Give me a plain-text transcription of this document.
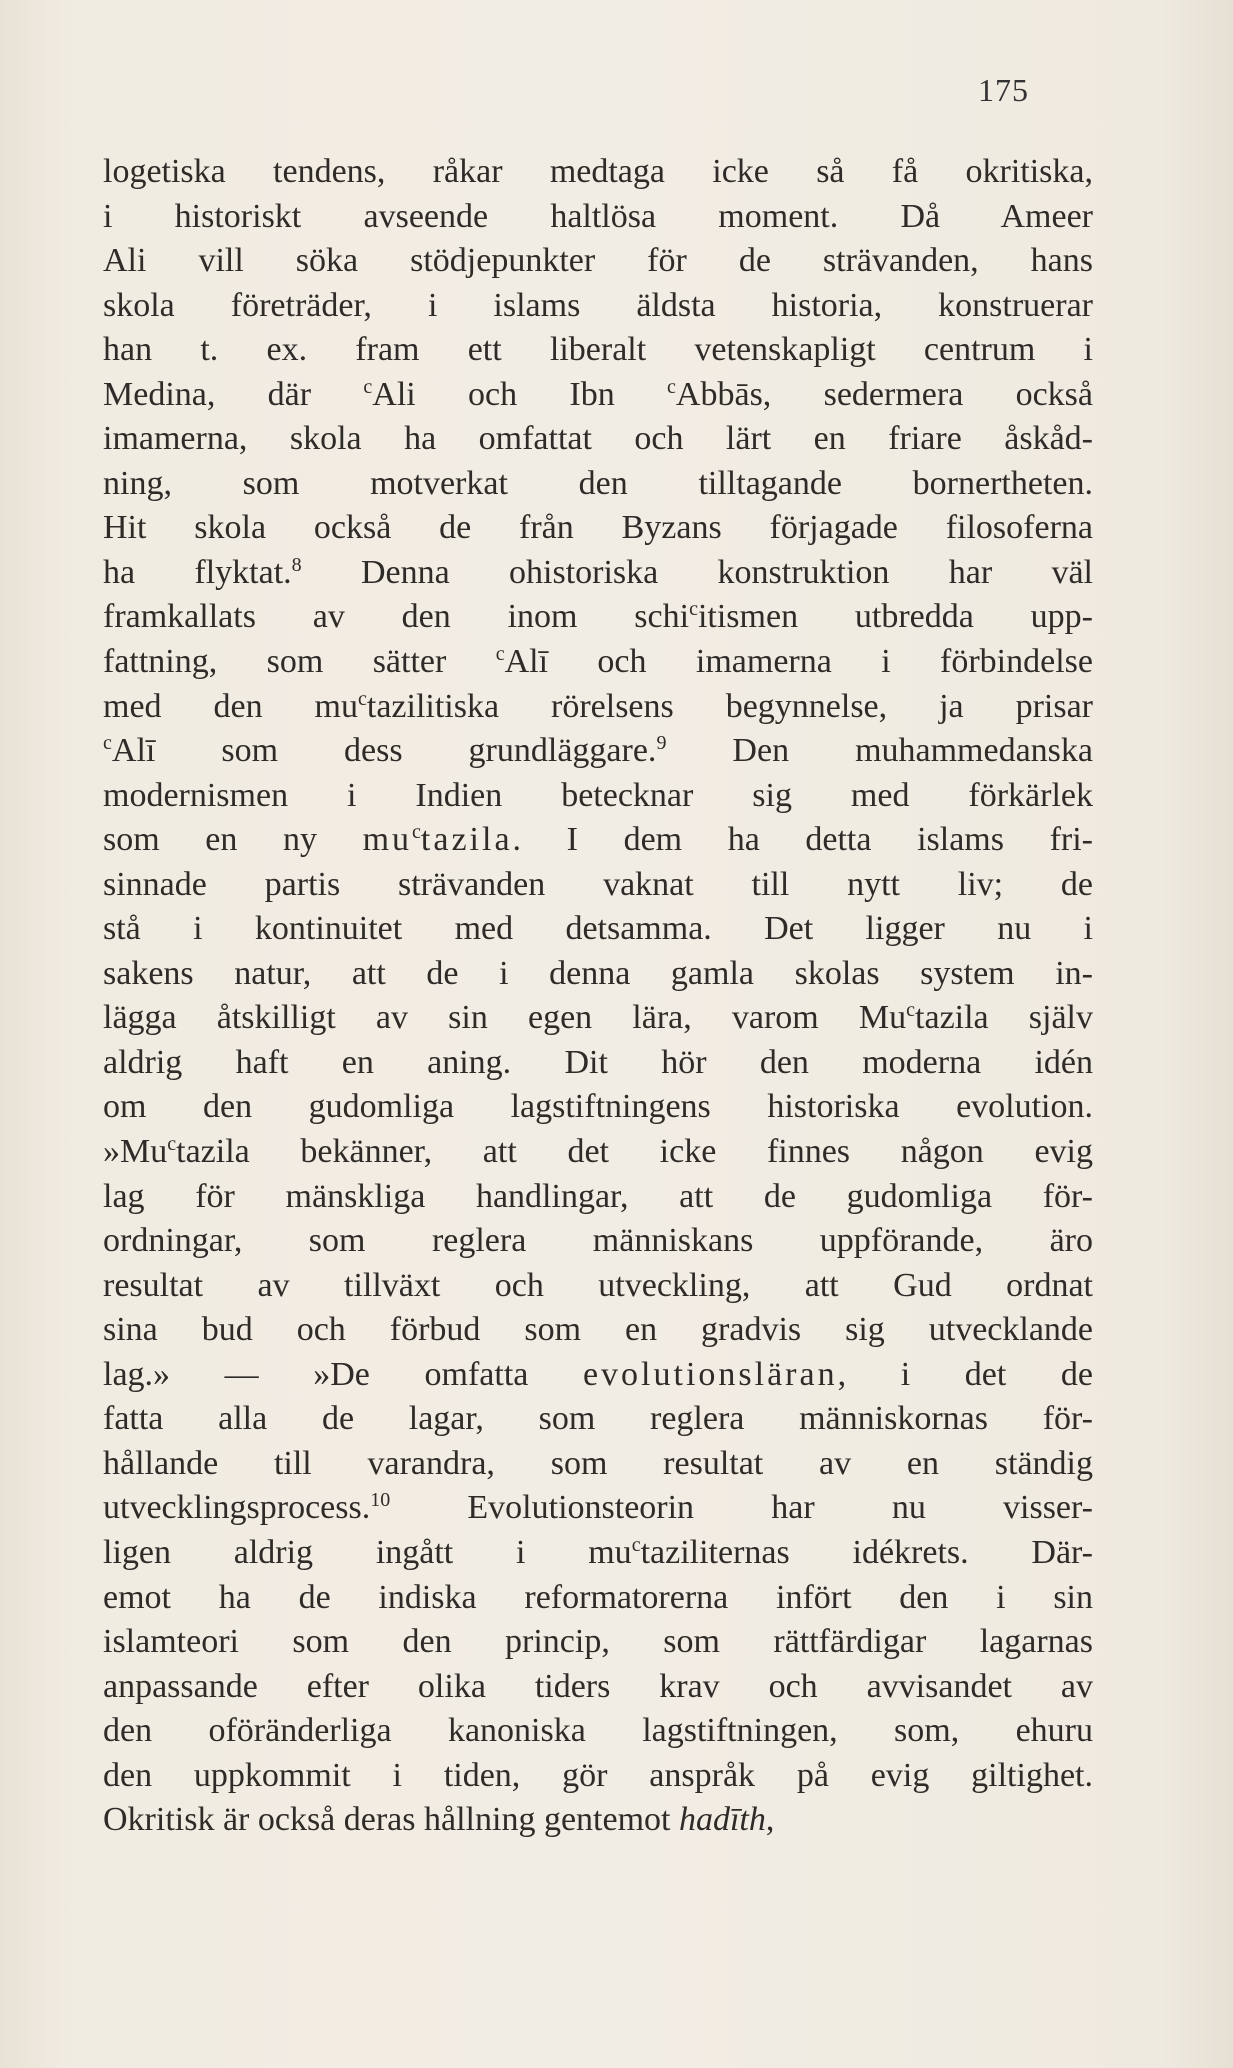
175
logetiska tendens, råkar medtaga icke så få okritiska,
i historiskt avseende haltlösa moment. Då Ameer
Ali vill söka stödjepunkter för de strävanden, hans
skola företräder, i islams äldsta historia, konstruerar
han t. ex. fram ett liberalt vetenskapligt centrum i
Medina, där $^c$Ali och Ibn $^c$Abbās, sedermera också
imamerna, skola ha omfattat och lärt en friare åskåd-
ning, som motverkat den tilltagande bornertheten.
Hit skola också de från Byzans förjagade filosoferna
ha flyktat.$^8$ Denna ohistoriska konstruktion har väl
framkallats av den inom schi$^c$itismen utbredda upp-
fattning, som sätter $^c$Alī och imamerna i förbindelse
med den $mu^ctazilitiska$ rörelsens begynnelse, ja prisar
$^c$Alī som dess grundläggare.$^9$ Den muhammedanska
modernismen i Indien betecknar sig med förkärlek
som en ny $mu^ctazila$. I dem ha detta islams fri-
sinnade partis strävanden vaknat till nytt liv; de
stå i kontinuitet med detsamma. Det ligger nu i
sakens natur, att de i denna gamla skolas system in-
lägga åtskilligt av sin egen lära, varom Mu$^c$tazila själv
aldrig haft en aning. Dit hör den moderna idén
om den gudomliga lagstiftningens historiska evolution.
»Mu$^c$tazila bekänner, att det icke finnes någon evig
lag för mänskliga handlingar, att de gudomliga för-
ordningar, som reglera människans uppförande, äro
resultat av tillväxt och utveckling, att Gud ordnat
sina bud och förbud som en gradvis sig utvecklande
lag.» — »De omfatta evolutionsläran, i det de
fatta alla de lagar, som reglera människornas för-
hållande till varandra, som resultat av en ständig
utvecklingsprocess.$^{10}$ Evolutionsteorin har nu visser-
ligen aldrig ingått i $mu^ctaziliternas$ idékrets. Där-
emot ha de indiska reformatorerna infört den i sin
islamteori som den princip, som rättfärdigar lagarnas
anpassande efter olika tiders krav och avvisandet av
den oföränderliga kanoniska lagstiftningen, som, ehuru
den uppkommit i tiden, gör anspråk på evig giltighet.
Okritisk är också deras hållning gentemot hadīth,
